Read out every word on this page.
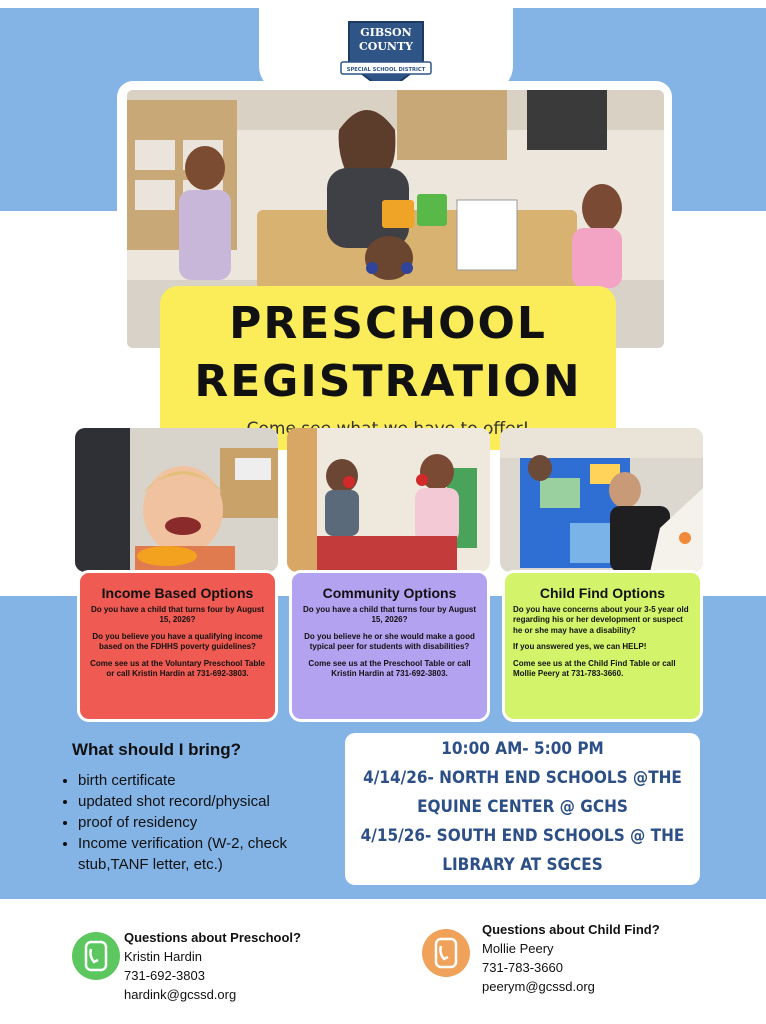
GIBSON
COUNTY
SPECIAL SCHOOL DISTRICT
PRESCHOOL
REGISTRATION
Income Based Options

Do you have a child that turns four by August 15, 2026?

Do you believe you have a qualifying income based on the FDHHS poverty guidelines?

Come see us at the Voluntary Preschool Table or call Kristin Hardin at 731-692-3803.

Community Options

Do you have a child that turns four by August 15, 2026?

Do you believe he or she would make a good typical peer for students with disabilities?

Come see us at the Preschool Table or call Kristin Hardin at 731-692-3803.

Child Find Options

Do you have concerns about your 3-5 year old regarding his or her development or suspect he or she may have a disability?

If you answered yes, we can HELP!

Come see us at the Child Find Table or call Mollie Peery at 731-783-3660.

What should I bring?
• birth certificate
• updated shot record/physical
• proof of residency
• Income verification (W-2, check stub,TANF letter, etc.)
10:00 AM- 5:00 PM
4/14/26- NORTH END SCHOOLS @THE
EQUINE CENTER @ GCHS
4/15/26- SOUTH END SCHOOLS @ THE
LIBRARY AT SGCES
Questions about Preschool?
Kristin Hardin
731-692-3803
hardink@gcssd.org
Questions about Child Find?
Mollie Peery
731-783-3660
peerym@gcssd.org
